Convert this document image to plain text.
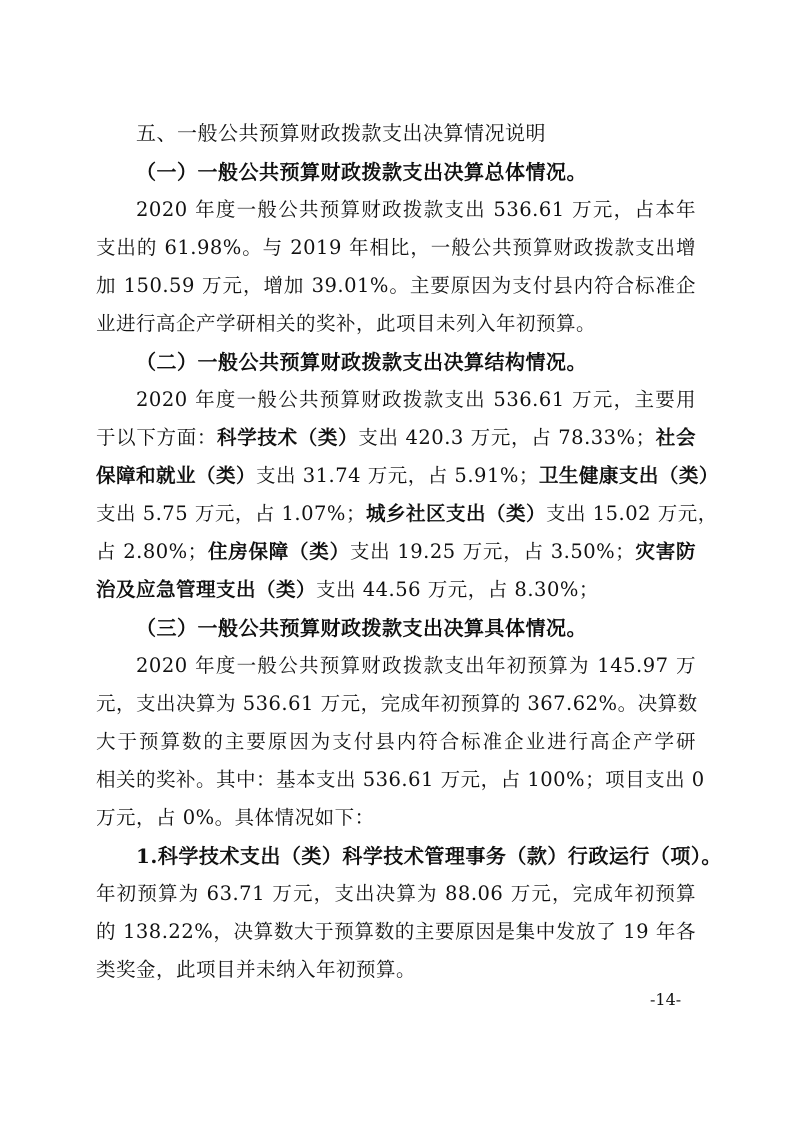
五、一般公共预算财政拨款支出决算情况说明
（一）一般公共预算财政拨款支出决算总体情况。
2020 年度一般公共预算财政拨款支出 536.61 万元，占本年
支出的 61.98%。与 2019 年相比，一般公共预算财政拨款支出增
加 150.59 万元，增加 39.01%。主要原因为支付县内符合标准企
业进行高企产学研相关的奖补，此项目未列入年初预算。
（二）一般公共预算财政拨款支出决算结构情况。
2020 年度一般公共预算财政拨款支出 536.61 万元，主要用
于以下方面：科学技术（类）支出 420.3 万元，占 78.33%；社会
保障和就业（类）支出 31.74 万元，占 5.91%；卫生健康支出（类）
支出 5.75 万元，占 1.07%；城乡社区支出（类）支出 15.02 万元，
占 2.80%；住房保障（类）支出 19.25 万元，占 3.50%；灾害防
治及应急管理支出（类）支出 44.56 万元，占 8.30%；
（三）一般公共预算财政拨款支出决算具体情况。
2020 年度一般公共预算财政拨款支出年初预算为 145.97 万
元，支出决算为 536.61 万元，完成年初预算的 367.62%。决算数
大于预算数的主要原因为支付县内符合标准企业进行高企产学研
相关的奖补。其中：基本支出 536.61 万元，占 100%；项目支出 0
万元，占 0%。具体情况如下：
1.科学技术支出（类）科学技术管理事务（款）行政运行（项）。
年初预算为 63.71 万元，支出决算为 88.06 万元，完成年初预算
的 138.22%，决算数大于预算数的主要原因是集中发放了 19 年各
类奖金，此项目并未纳入年初预算。
-14-
